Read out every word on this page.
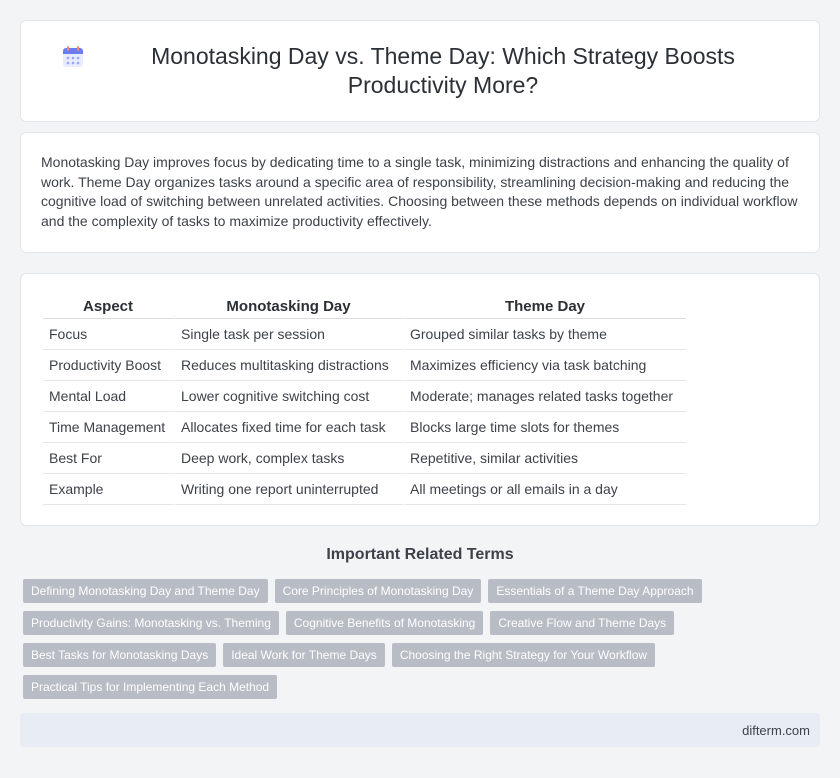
Monotasking Day vs. Theme Day: Which Strategy Boosts Productivity More?

Monotasking Day improves focus by dedicating time to a single task, minimizing distractions and enhancing the quality of work. Theme Day organizes tasks around a specific area of responsibility, streamlining decision-making and reducing the cognitive load of switching between unrelated activities. Choosing between these methods depends on individual workflow and the complexity of tasks to maximize productivity effectively.

Aspect	Monotasking Day	Theme Day
Focus	Single task per session	Grouped similar tasks by theme
Productivity Boost	Reduces multitasking distractions	Maximizes efficiency via task batching
Mental Load	Lower cognitive switching cost	Moderate; manages related tasks together
Time Management	Allocates fixed time for each task	Blocks large time slots for themes
Best For	Deep work, complex tasks	Repetitive, similar activities
Example	Writing one report uninterrupted	All meetings or all emails in a day
Important Related Terms
Defining Monotasking Day and Theme Day	Core Principles of Monotasking Day	Essentials of a Theme Day Approach
Productivity Gains: Monotasking vs. Theming	Cognitive Benefits of Monotasking	Creative Flow and Theme Days
Best Tasks for Monotasking Days	Ideal Work for Theme Days	Choosing the Right Strategy for Your Workflow
Practical Tips for Implementing Each Method
difterm.com
